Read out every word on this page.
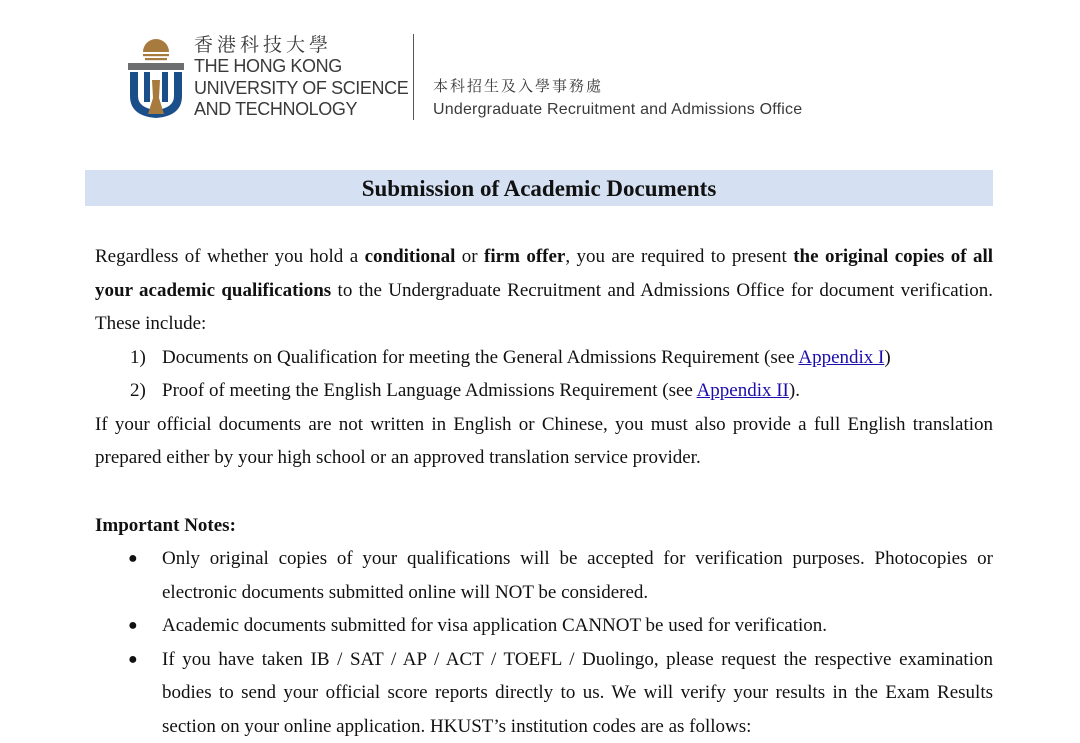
香港科技大學
THE HONG KONG
UNIVERSITY OF SCIENCE
AND TECHNOLOGY
本科招生及入學事務處
Undergraduate Recruitment and Admissions Office
Submission of Academic Documents

Regardless of whether you hold a conditional or firm offer, you are required to present the original copies of all your academic qualifications to the Undergraduate Recruitment and Admissions Office for document verification. These include:

1) Documents on Qualification for meeting the General Admissions Requirement (see Appendix I)
2) Proof of meeting the English Language Admissions Requirement (see Appendix II).

If your official documents are not written in English or Chinese, you must also provide a full English translation prepared either by your high school or an approved translation service provider.

Important Notes:
● Only original copies of your qualifications will be accepted for verification purposes. Photocopies or electronic documents submitted online will NOT be considered.
● Academic documents submitted for visa application CANNOT be used for verification.
● If you have taken IB / SAT / AP / ACT / TOEFL / Duolingo, please request the respective examination bodies to send your official score reports directly to us. We will verify your results in the Exam Results section on your online application. HKUST’s institution codes are as follows:
